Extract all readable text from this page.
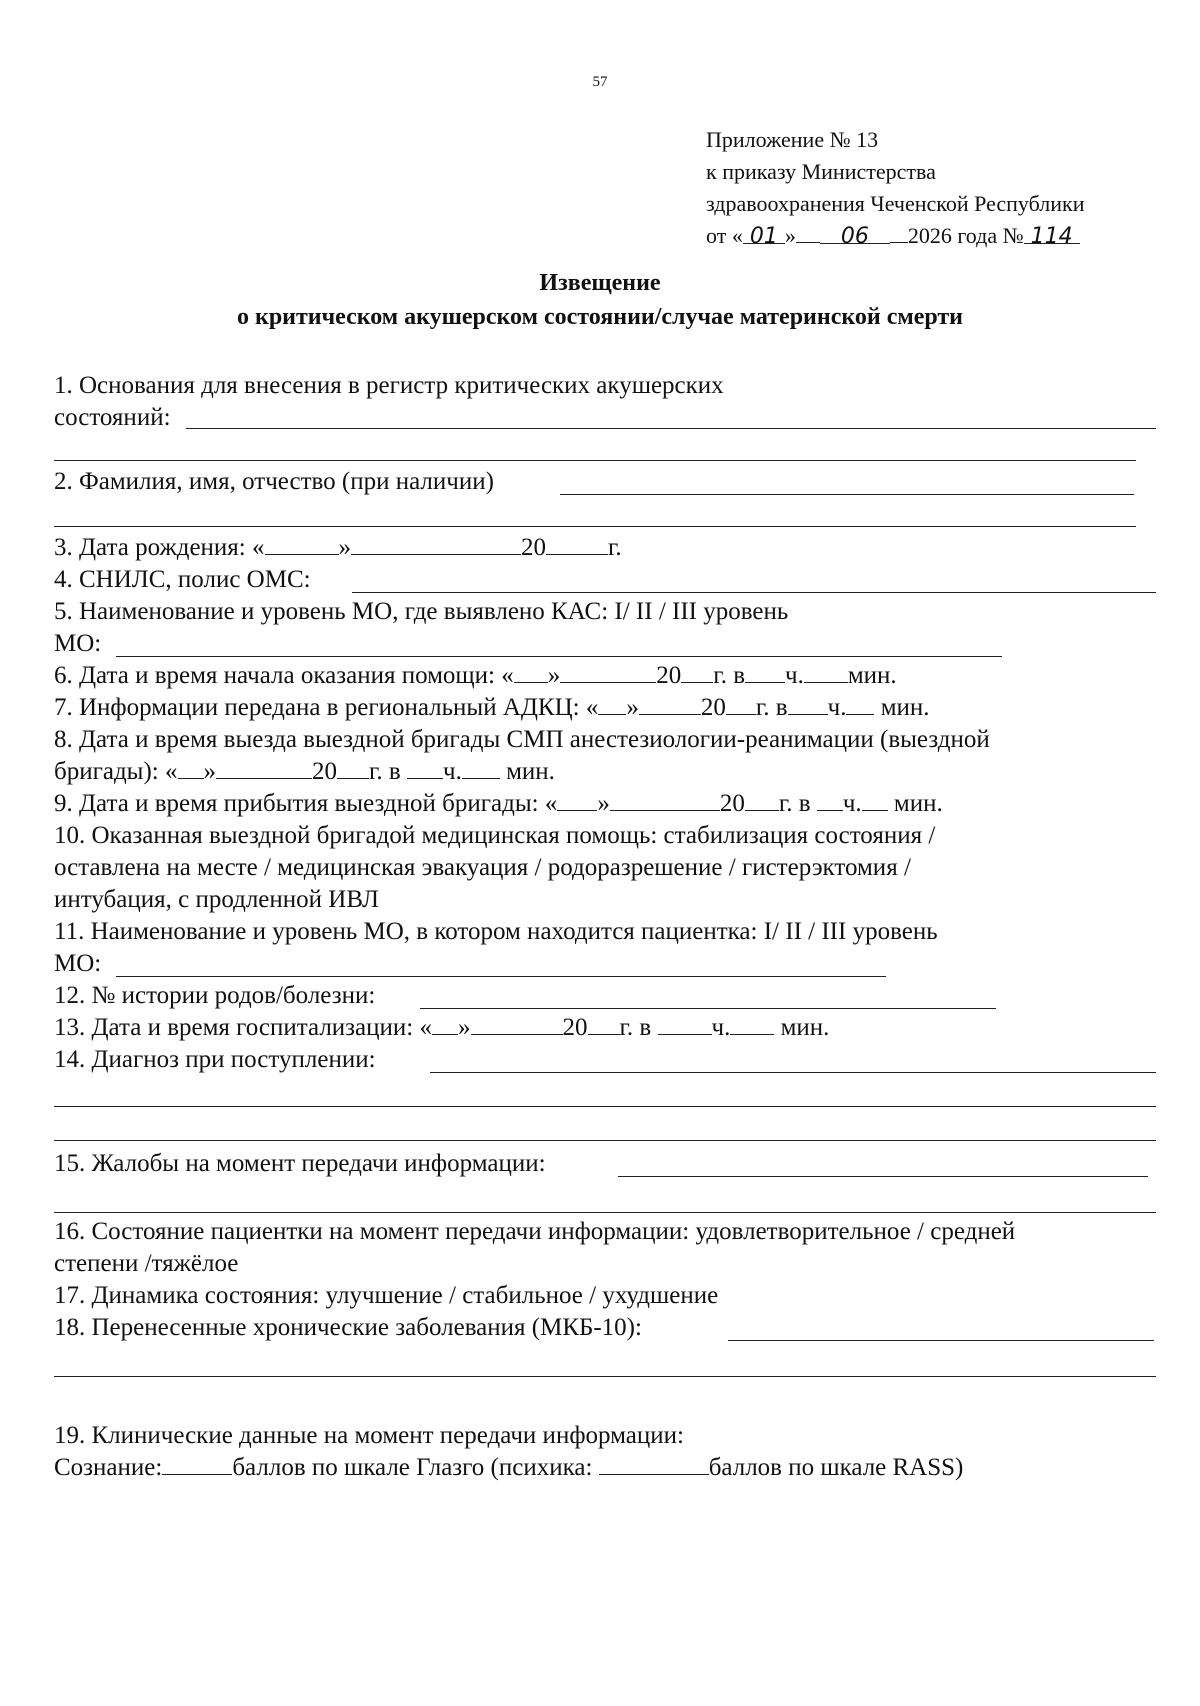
57
Приложение № 13
к приказу Министерства
здравоохранения Чеченской Республики
от « 01 » 06 2026 года № 114
Извещение
о критическом акушерском состоянии/случае материнской смерти
1. Основания для внесения в регистр критических акушерских
состояний:
2. Фамилия, имя, отчество (при наличии)
3. Дата рождения: «	»	20 г.
4. СНИЛС, полис ОМС:
5. Наименование и уровень МО, где выявлено КАС: I/ II / III уровень
МО:
6. Дата и время начала оказания помощи: « »	20 г. в ч. мин.
7. Информации передана в региональный АДКЦ: « » 20 г. в ч. мин.
8. Дата и время выезда выездной бригады СМП анестезиологии-реанимации (выездной
бригады): « »	20 г. в ч. мин.
9. Дата и время прибытия выездной бригады: « »	20 г. в ч. мин.
10. Оказанная выездной бригадой медицинская помощь: стабилизация состояния /
оставлена на месте / медицинская эвакуация / родоразрешение / гистерэктомия /
интубация, с продленной ИВЛ
11. Наименование и уровень МО, в котором находится пациентка: I/ II / III уровень
МО:
12. № истории родов/болезни:
13. Дата и время госпитализации: « »	20 г. в ч. мин.
14. Диагноз при поступлении:
15. Жалобы на момент передачи информации:
16. Состояние пациентки на момент передачи информации: удовлетворительное / средней
степени /тяжёлое
17. Динамика состояния: улучшение / стабильное / ухудшение
18. Перенесенные хронические заболевания (МКБ-10):
19. Клинические данные на момент передачи информации:
Сознание:	баллов по шкале Глазго (психика:	баллов по шкале RASS)
